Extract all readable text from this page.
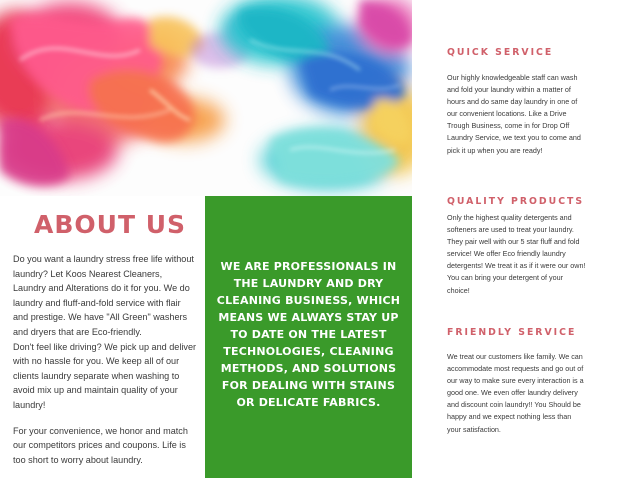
ABOUT US

Do you want a laundry stress free life without laundry? Let Koos Nearest Cleaners, Laundry and Alterations do it for you. We do laundry and fluff-and-fold service with flair and prestige. We have "All Green" washers and dryers that are Eco-friendly.

Don't feel like driving? We pick up and deliver with no hassle for you. We keep all of our clients laundry separate when washing to avoid mix up and maintain quality of your laundry!

For your convenience, we honor and match our competitors prices and coupons. Life is too short to worry about laundry.

WE ARE PROFESSIONALS IN THE LAUNDRY AND DRY CLEANING BUSINESS, WHICH MEANS WE ALWAYS STAY UP TO DATE ON THE LATEST TECHNOLOGIES, CLEANING METHODS, AND SOLUTIONS FOR DEALING WITH STAINS OR DELICATE FABRICS.

QUICK SERVICE

Our highly knowledgeable staff can wash and fold your laundry within a matter of hours and do same day laundry in one of our convenient locations. Like a Drive Trough Business, come in for Drop Off Laundry Service, we text you to come and pick it up when you are ready!

QUALITY PRODUCTS

Only the highest quality detergents and softeners are used to treat your laundry. They pair well with our 5 star fluff and fold service! We offer Eco friendly laundry detergents! We treat it as if it were our own! You can bring your detergent of your choice!

FRIENDLY SERVICE

We treat our customers like family. We can accommodate most requests and go out of our way to make sure every interaction is a good one. We even offer laundry delivery and discount coin laundry!! You Should be happy and we expect nothing less than your satisfaction.
